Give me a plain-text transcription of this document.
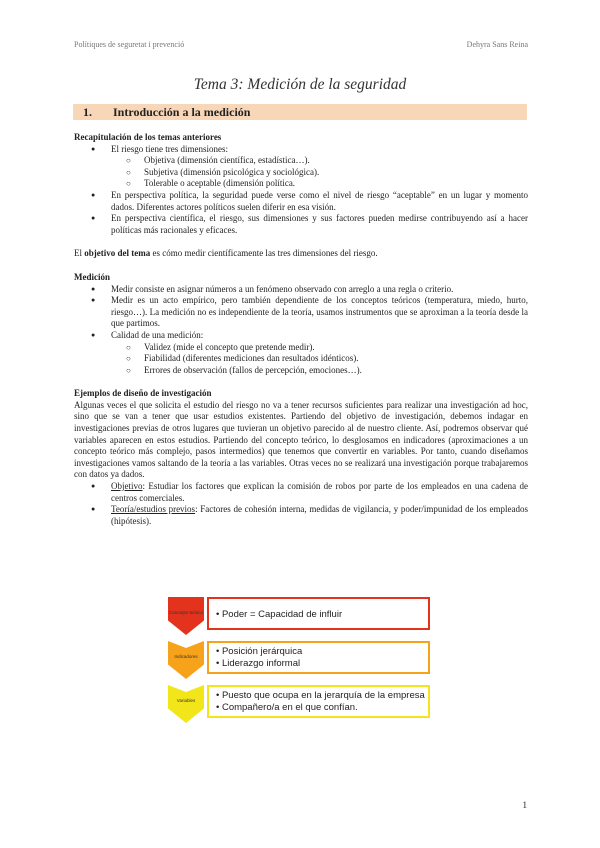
Polítiques de seguretat i prevenció	Dehyra Sans Reina
Tema 3: Medición de la seguridad
1. Introducción a la medición

Recapitulación de los temas anteriores

● El riesgo tiene tres dimensiones:
○ Objetiva (dimensión científica, estadística…).
○ Subjetiva (dimensión psicológica y sociológica).
○ Tolerable o aceptable (dimensión política.
● En perspectiva política, la seguridad puede verse como el nivel de riesgo “aceptable” en un lugar y momento dados. Diferentes actores políticos suelen diferir en esa visión.
● En perspectiva científica, el riesgo, sus dimensiones y sus factores pueden medirse contribuyendo así a hacer políticas más racionales y eficaces.

El objetivo del tema es cómo medir científicamente las tres dimensiones del riesgo.

Medición

● Medir consiste en asignar números a un fenómeno observado con arreglo a una regla o criterio.
● Medir es un acto empírico, pero también dependiente de los conceptos teóricos (temperatura, miedo, hurto, riesgo…). La medición no es independiente de la teoría, usamos instrumentos que se aproximan a la teoría desde la que partimos.
● Calidad de una medición:
○ Validez (mide el concepto que pretende medir).
○ Fiabilidad (diferentes mediciones dan resultados idénticos).
○ Errores de observación (fallos de percepción, emociones…).

Ejemplos de diseño de investigación

Algunas veces el que solicita el estudio del riesgo no va a tener recursos suficientes para realizar una investigación ad hoc, sino que se van a tener que usar estudios existentes. Partiendo del objetivo de investigación, debemos indagar en investigaciones previas de otros lugares que tuvieran un objetivo parecido al de nuestro cliente. Así, podremos observar qué variables aparecen en estos estudios. Partiendo del concepto teórico, lo desglosamos en indicadores (aproximaciones a un concepto teórico más complejo, pasos intermedios) que tenemos que convertir en variables. Por tanto, cuando diseñamos investigaciones vamos saltando de la teoría a las variables. Otras veces no se realizará una investigación porque trabajaremos con datos ya dados.

● Objetivo: Estudiar los factores que explican la comisión de robos por parte de los empleados en una cadena de centros comerciales.
● Teoría/estudios previos: Factores de cohesión interna, medidas de vigilancia, y poder/impunidad de los empleados (hipótesis).
Concepto teórico • Poder = Capacidad de influir
Indicadores • Posición jerárquica
• Liderazgo informal
Variables • Puesto que ocupa en la jerarquía de la empresa
• Compañero/a en el que confían.
1
